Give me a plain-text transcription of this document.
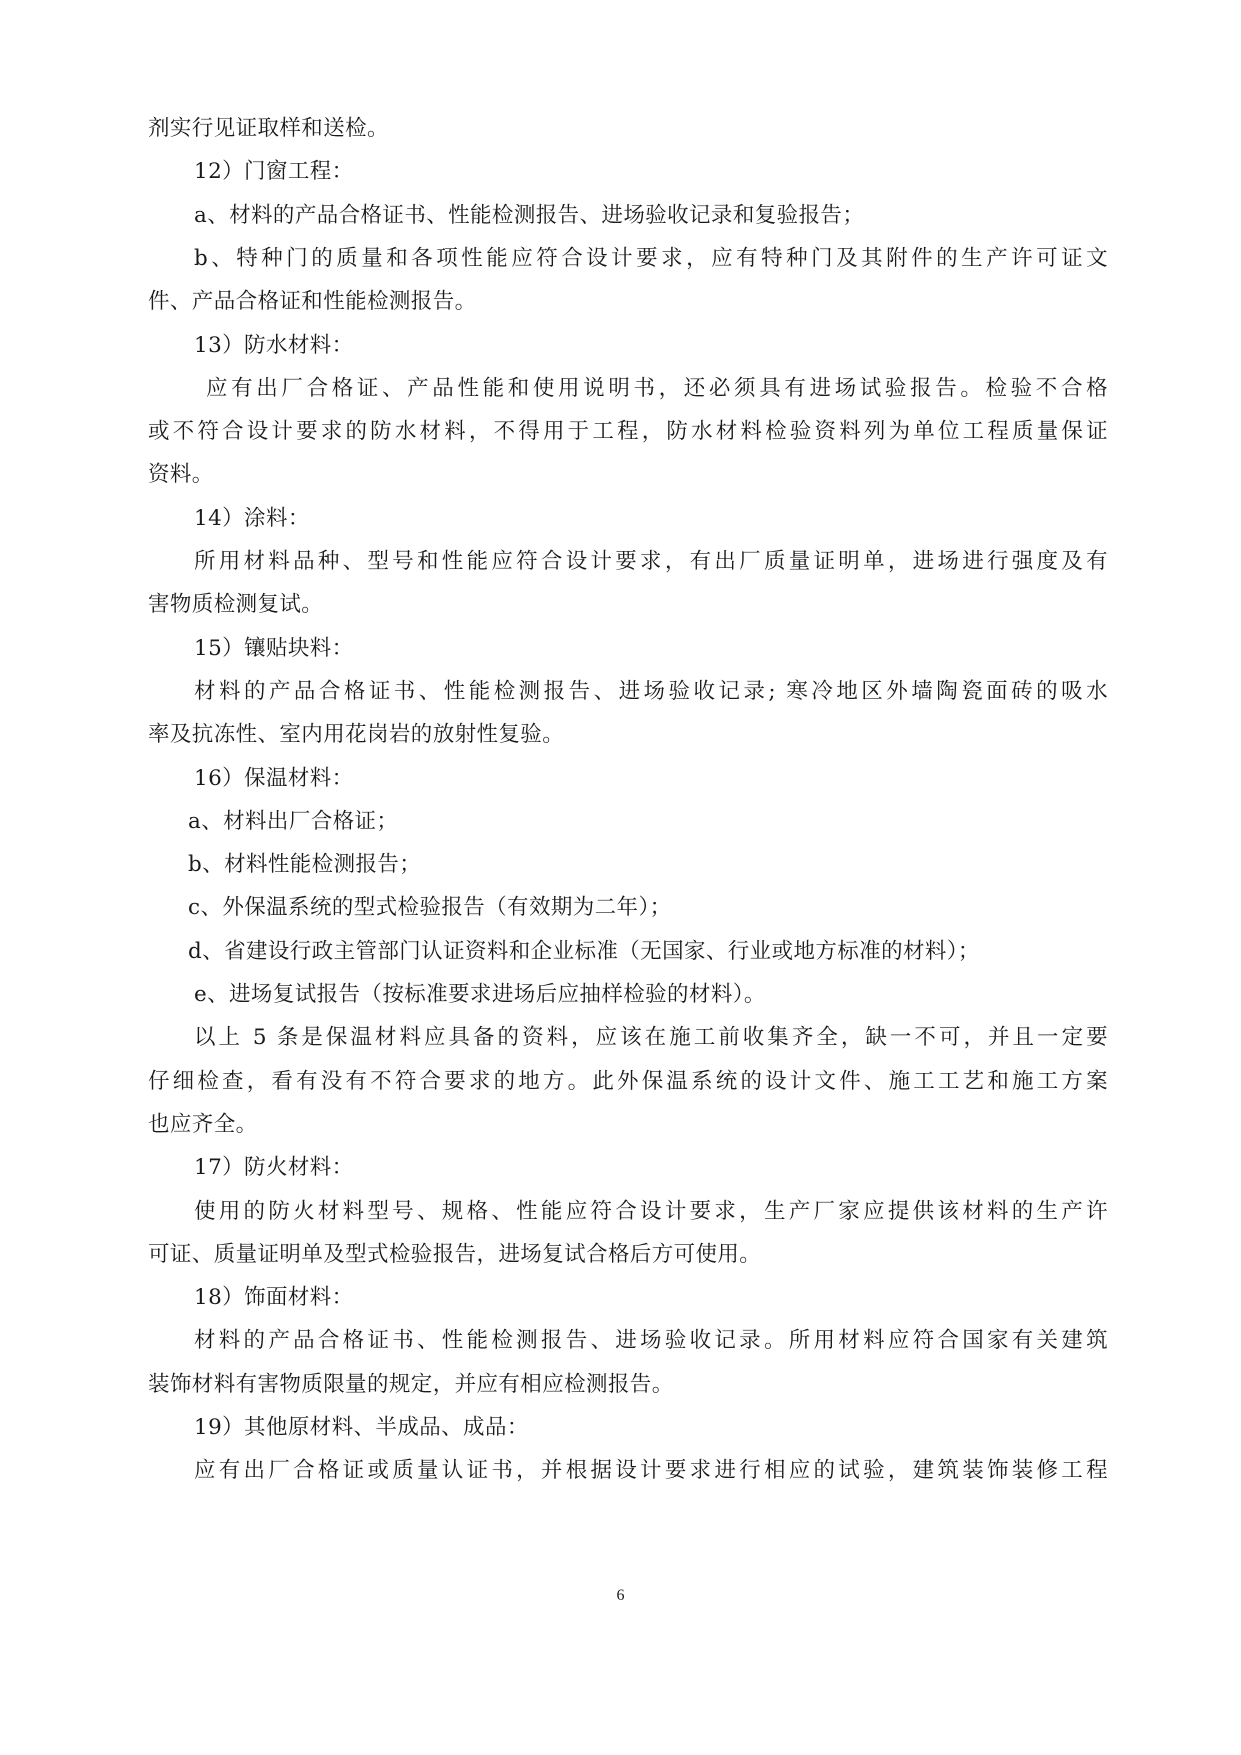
剂实行见证取样和送检。
12）门窗工程：
a、材料的产品合格证书、性能检测报告、进场验收记录和复验报告；
b、特种门的质量和各项性能应符合设计要求，应有特种门及其附件的生产许可证文
件、产品合格证和性能检测报告。
13）防水材料：
应有出厂合格证、产品性能和使用说明书，还必须具有进场试验报告。检验不合格
或不符合设计要求的防水材料，不得用于工程，防水材料检验资料列为单位工程质量保证
资料。
14）涂料：
所用材料品种、型号和性能应符合设计要求，有出厂质量证明单，进场进行强度及有
害物质检测复试。
15）镶贴块料：
材料的产品合格证书、性能检测报告、进场验收记录; 寒冷地区外墙陶瓷面砖的吸水
率及抗冻性、室内用花岗岩的放射性复验。
16）保温材料：
a、材料出厂合格证；
b、材料性能检测报告；
c、外保温系统的型式检验报告（有效期为二年）；
d、省建设行政主管部门认证资料和企业标准（无国家、行业或地方标准的材料）；
e、进场复试报告（按标准要求进场后应抽样检验的材料）。
以上 5 条是保温材料应具备的资料，应该在施工前收集齐全，缺一不可，并且一定要
仔细检查，看有没有不符合要求的地方。此外保温系统的设计文件、施工工艺和施工方案
也应齐全。
17）防火材料：
使用的防火材料型号、规格、性能应符合设计要求，生产厂家应提供该材料的生产许
可证、质量证明单及型式检验报告，进场复试合格后方可使用。
18）饰面材料：
材料的产品合格证书、性能检测报告、进场验收记录。所用材料应符合国家有关建筑
装饰材料有害物质限量的规定，并应有相应检测报告。
19）其他原材料、半成品、成品：
应有出厂合格证或质量认证书，并根据设计要求进行相应的试验，建筑装饰装修工程
6
